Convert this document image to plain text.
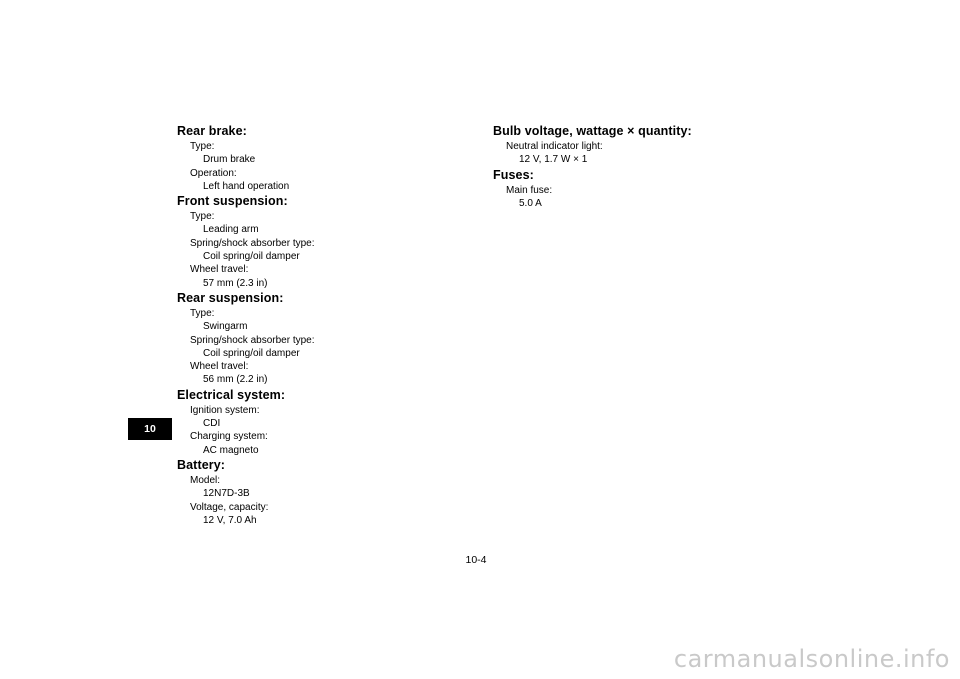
10
Rear brake:
Type:
Drum brake
Operation:
Left hand operation
Front suspension:
Type:
Leading arm
Spring/shock absorber type:
Coil spring/oil damper
Wheel travel:
57 mm (2.3 in)
Rear suspension:
Type:
Swingarm
Spring/shock absorber type:
Coil spring/oil damper
Wheel travel:
56 mm (2.2 in)
Electrical system:
Ignition system:
CDI
Charging system:
AC magneto
Battery:
Model:
12N7D-3B
Voltage, capacity:
12 V, 7.0 Ah
Bulb voltage, wattage × quantity:
Neutral indicator light:
12 V, 1.7 W × 1
Fuses:
Main fuse:
5.0 A
10-4
carmanualsonline.info
